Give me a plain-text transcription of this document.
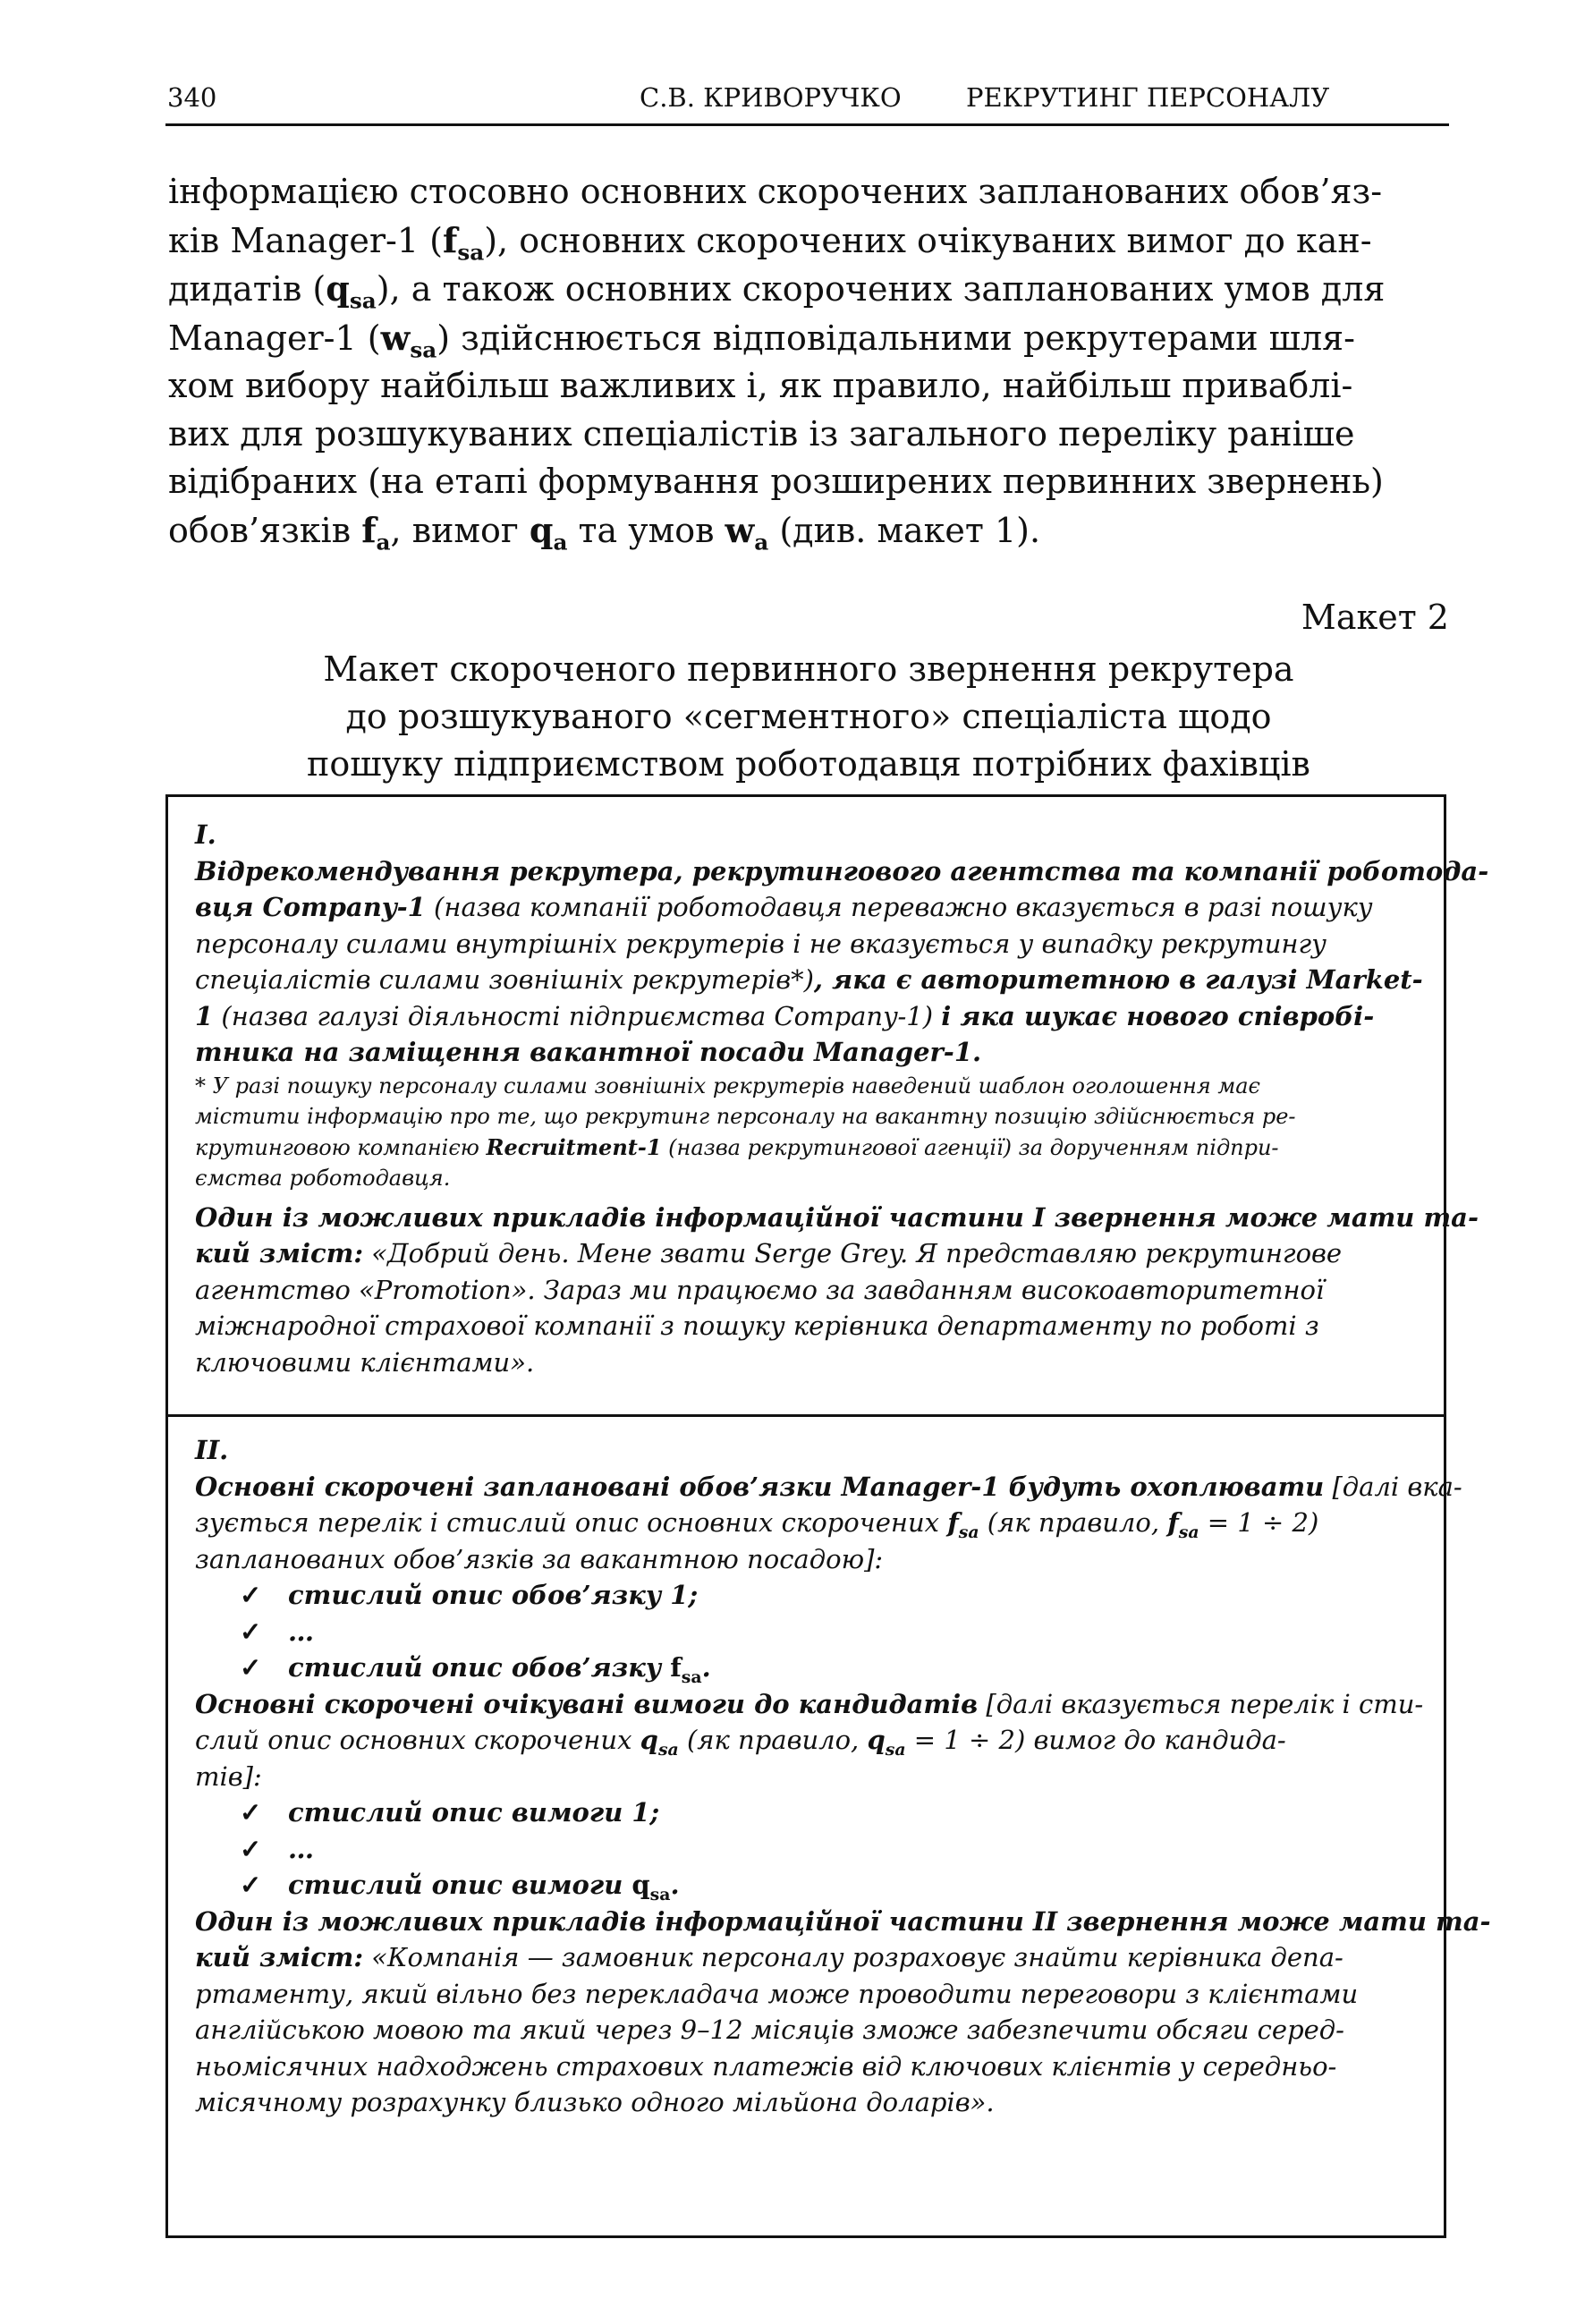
340	С.В. КРИВОРУЧКО РЕКРУТИНГ ПЕРСОНАЛУ
інформацією стосовно основних скорочених запланованих обов’яз-
ків Manager-1 $(f_{sa})$, основних скорочених очікуваних вимог до кан-
дидатів $(q_{sa})$, а також основних скорочених запланованих умов для
Manager-1 $(w_{sa})$ здійснюється відповідальними рекрутерами шля-
хом вибору найбільш важливих і, як правило, найбільш приваблі-
вих для розшукуваних спеціалістів із загального переліку раніше
відібраних (на етапі формування розширених первинних звернень)
обов’язків $f_a$, вимог $q_a$ та умов $w_a$ (див. макет 1).
Макет 2
Макет скороченого первинного звернення рекрутера
до розшукуваного «сегментного» спеціаліста щодо
пошуку підприємством роботодавця потрібних фахівців
I.
Відрекомендування рекрутера, рекрутингового агентства та компанії роботода-
вця Company-1 (назва компанії роботодавця переважно вказується в разі пошуку
персоналу силами внутрішніх рекрутерів і не вказується у випадку рекрутингу
спеціалістів силами зовнішніх рекрутерів*), яка є авторитетною в галузі Market-
1 (назва галузі діяльності підприємства Company-1) і яка шукає нового співробі-
тника на заміщення вакантної посади Manager-1.
* У разі пошуку персоналу силами зовнішніх рекрутерів наведений шаблон оголошення має
містити інформацію про те, що рекрутинг персоналу на вакантну позицію здійснюється ре-
крутинговою компанією Recruitment-1 (назва рекрутингової агенції) за дорученням підпри-
ємства роботодавця.
Один із можливих прикладів інформаційної частини I звернення може мати та-
кий зміст: «Добрий день. Мене звати Serge Grey. Я представляю рекрутингове
агентство «Promotion». Зараз ми працюємо за завданням високоавторитетної
міжнародної страхової компанії з пошуку керівника департаменту по роботі з
ключовими клієнтами».
II.
Основні скорочені заплановані обов’язки Manager-1 будуть охоплювати [далі вка-
зується перелік і стислий опис основних скорочених $f_{sa}$ (як правило, $f_{sa} = 1 \div 2$)
запланованих обов’язків за вакантною посадою]:
✓ стислий опис обов’язку 1;
✓ …
✓ стислий опис обов’язку $f_{sa}$.
Основні скорочені очікувані вимоги до кандидатів [далі вказується перелік і сти-
слий опис основних скорочених $q_{sa}$ (як правило, $q_{sa} = 1 \div 2$) вимог до кандида-
тів]:
✓ стислий опис вимоги 1;
✓ …
✓ стислий опис вимоги $q_{sa}$.
Один із можливих прикладів інформаційної частини II звернення може мати та-
кий зміст: «Компанія — замовник персоналу розраховує знайти керівника депа-
ртаменту, який вільно без перекладача може проводити переговори з клієнтами
англійською мовою та який через 9–12 місяців зможе забезпечити обсяги серед-
ньомісячних надходжень страхових платежів від ключових клієнтів у середньо-
місячному розрахунку близько одного мільйона доларів».
